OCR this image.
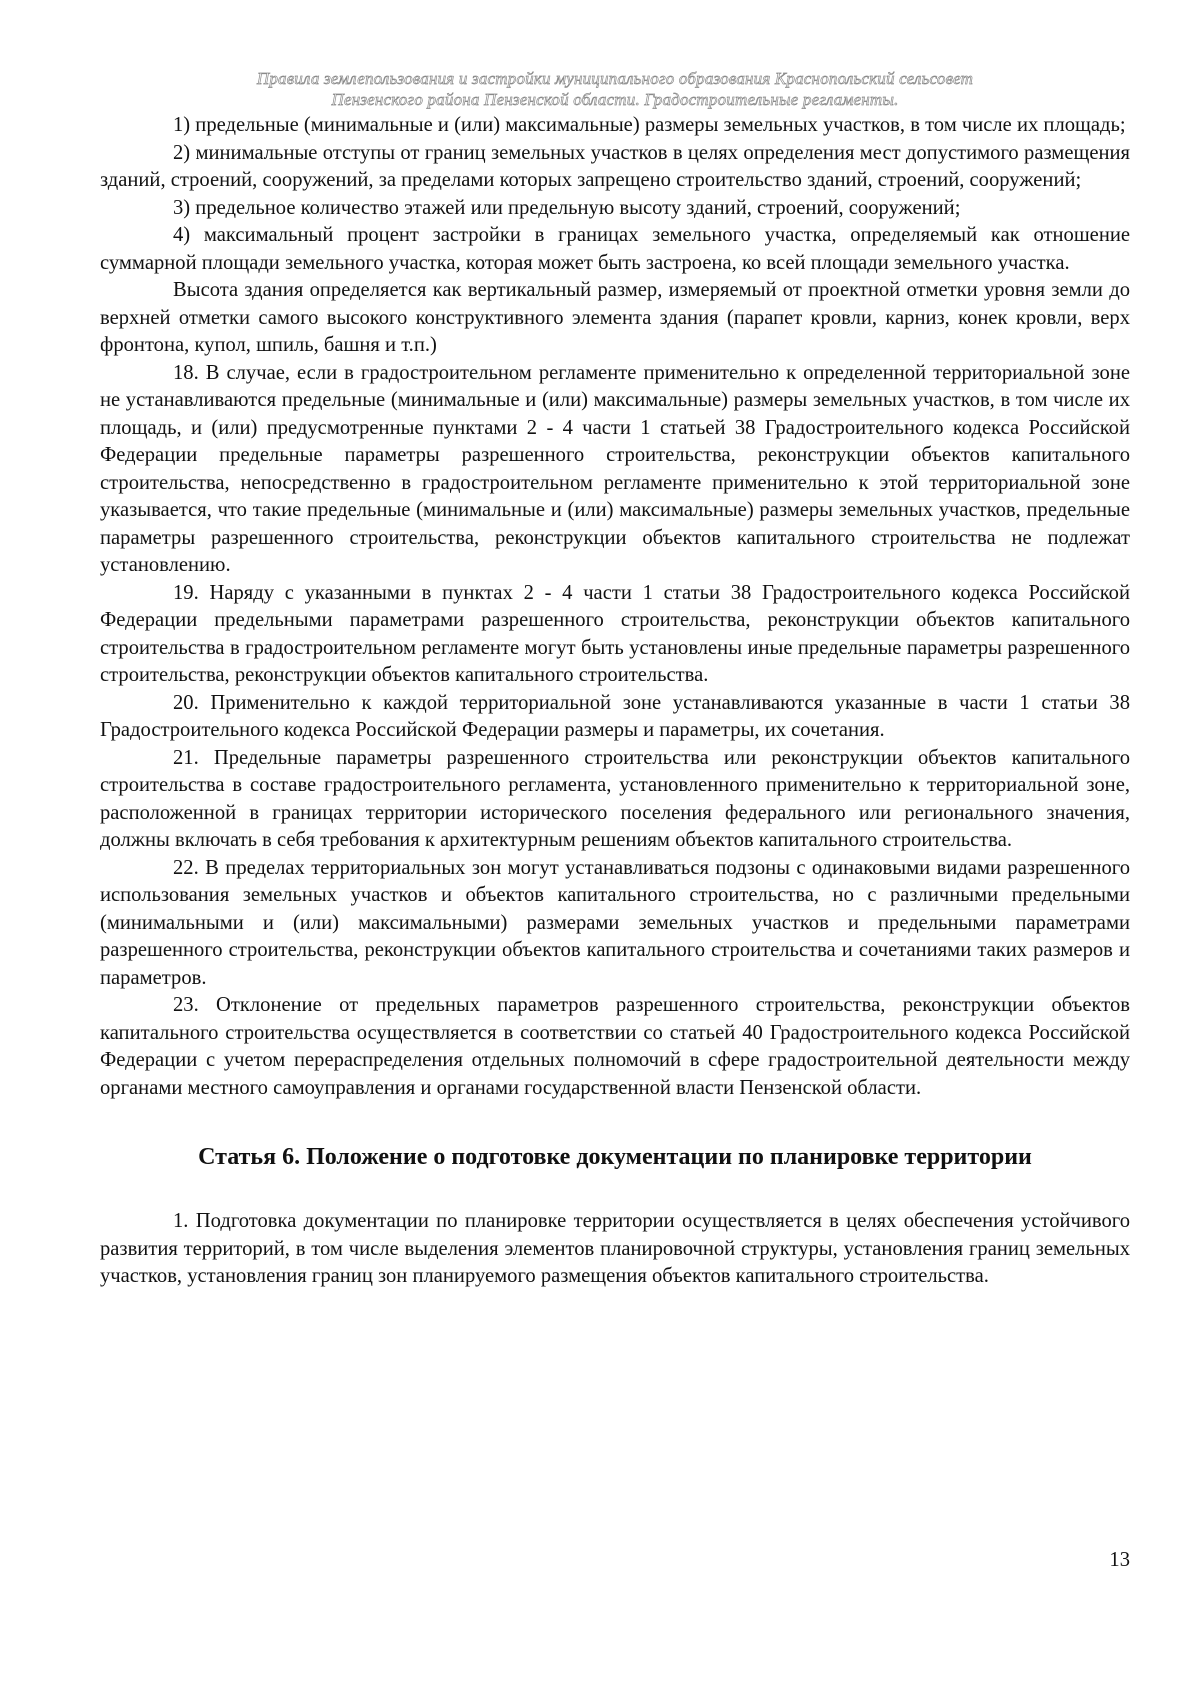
Правила землепользования и застройки муниципального образования Краснопольский сельсовет
Пензенского района Пензенской области. Градостроительные регламенты.

1) предельные (минимальные и (или) максимальные) размеры земельных участков, в том числе их площадь;

2) минимальные отступы от границ земельных участков в целях определения мест допустимого размещения зданий, строений, сооружений, за пределами которых запрещено строительство зданий, строений, сооружений;

3) предельное количество этажей или предельную высоту зданий, строений, сооружений;

4) максимальный процент застройки в границах земельного участка, определяемый как отношение суммарной площади земельного участка, которая может быть застроена, ко всей площади земельного участка.

Высота здания определяется как вертикальный размер, измеряемый от проектной отметки уровня земли до верхней отметки самого высокого конструктивного элемента здания (парапет кровли, карниз, конек кровли, верх фронтона, купол, шпиль, башня и т.п.)

18. В случае, если в градостроительном регламенте применительно к определенной территориальной зоне не устанавливаются предельные (минимальные и (или) максимальные) размеры земельных участков, в том числе их площадь, и (или) предусмотренные пунктами 2 - 4 части 1 статьей 38 Градостроительного кодекса Российской Федерации предельные параметры разрешенного строительства, реконструкции объектов капитального строительства, непосредственно в градостроительном регламенте применительно к этой территориальной зоне указывается, что такие предельные (минимальные и (или) максимальные) размеры земельных участков, предельные параметры разрешенного строительства, реконструкции объектов капитального строительства не подлежат установлению.

19. Наряду с указанными в пунктах 2 - 4 части 1 статьи 38 Градостроительного кодекса Российской Федерации предельными параметрами разрешенного строительства, реконструкции объектов капитального строительства в градостроительном регламенте могут быть установлены иные предельные параметры разрешенного строительства, реконструкции объектов капитального строительства.

20. Применительно к каждой территориальной зоне устанавливаются указанные в части 1 статьи 38 Градостроительного кодекса Российской Федерации размеры и параметры, их сочетания.

21. Предельные параметры разрешенного строительства или реконструкции объектов капитального строительства в составе градостроительного регламента, установленного применительно к территориальной зоне, расположенной в границах территории исторического поселения федерального или регионального значения, должны включать в себя требования к архитектурным решениям объектов капитального строительства.

22. В пределах территориальных зон могут устанавливаться подзоны с одинаковыми видами разрешенного использования земельных участков и объектов капитального строительства, но с различными предельными (минимальными и (или) максимальными) размерами земельных участков и предельными параметрами разрешенного строительства, реконструкции объектов капитального строительства и сочетаниями таких размеров и параметров.

23. Отклонение от предельных параметров разрешенного строительства, реконструкции объектов капитального строительства осуществляется в соответствии со статьей 40 Градостроительного кодекса Российской Федерации с учетом перераспределения отдельных полномочий в сфере градостроительной деятельности между органами местного самоуправления и органами государственной власти Пензенской области.

Статья 6. Положение о подготовке документации по планировке территории

1. Подготовка документации по планировке территории осуществляется в целях обеспечения устойчивого развития территорий, в том числе выделения элементов планировочной структуры, установления границ земельных участков, установления границ зон планируемого размещения объектов капитального строительства.

13
